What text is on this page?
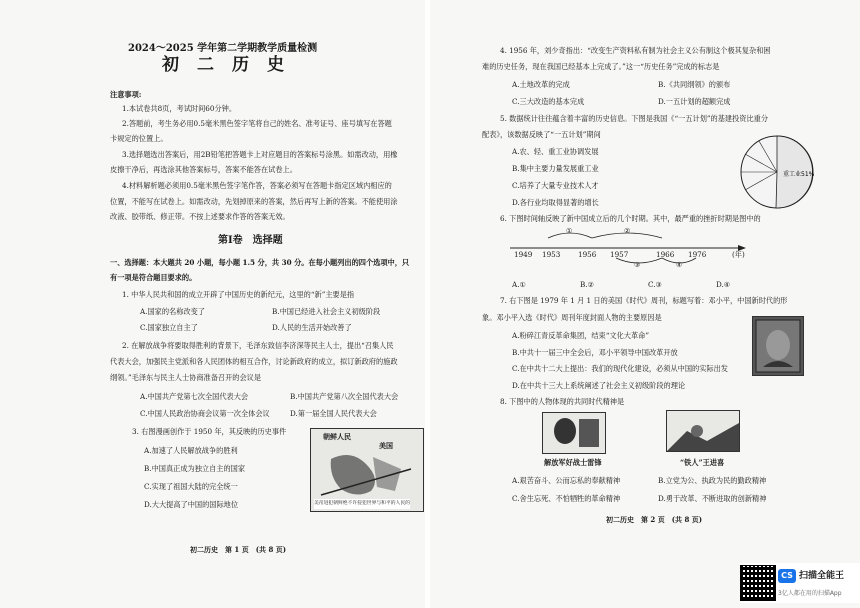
2024～2025 学年第二学期教学质量检测
初二历史
注意事项:
1.本试卷共8页，考试时间60分钟。
2.答题前，考生务必用0.5毫米黑色签字笔将自己的姓名、准考证号、座号填写在答题
卡规定的位置上。
3.选择题选出答案后，用2B铅笔把答题卡上对应题目的答案标号涂黑。如需改动，用橡
皮擦干净后，再选涂其他答案标号，答案不能答在试卷上。
4.材料解析题必须用0.5毫米黑色签字笔作答，答案必须写在答题卡指定区域内相应的
位置，不能写在试卷上。如需改动，先划掉原来的答案，然后再写上新的答案。不能使用涂
改液、胶带纸、修正带。不按上述要求作答的答案无效。
第Ⅰ卷　选择题
一、选择题：本大题共 20 小题，每小题 1.5 分，共 30 分。在每小题列出的四个选项中，只
有一项是符合题目要求的。
1. 中华人民共和国的成立开辟了中国历史的新纪元，这里的“新”主要是指
A.国家的名称改变了	B.中国已经进入社会主义初级阶段
C.国家独立自主了	D.人民的生活开始改善了
2. 在解放战争将要取得胜利的背景下，毛泽东致信李济深等民主人士，提出“召集人民
代表大会，加强民主党派和各人民团体的相互合作，讨论新政府的成立，拟订新政府的施政
纲领。”毛泽东与民主人士协商准备召开的会议是
A.中国共产党第七次全国代表大会	B.中国共产党第八次全国代表大会
C.中国人民政治协商会议第一次全体会议	D.第一届全国人民代表大会
3. 右图漫画创作于 1950 年，其反映的历史事件
A.加速了人民解放战争的胜利
B.中国真正成为独立自主的国家
C.实现了祖国大陆的完全统一
D.大大提高了中国的国际地位
朝鲜人民
美国
美帝进犯朝鲜绝不许侵犯世界与和平的人民的
初二历史　第 1 页　(共 8 页)
4. 1956 年，刘少奇指出：“改变生产资料私有制为社会主义公有制这个极其复杂和困
难的历史任务，现在我国已经基本上完成了。”这一“历史任务”完成的标志是
A.土地改革的完成	B.《共同纲领》的颁布
C.三大改造的基本完成	D.一五计划的超额完成
5. 数据统计往往蕴含着丰富的历史信息。下图是我国《“一五计划”的基建投资比重分
配表》，该数据反映了“一五计划”期间
A.农、轻、重工业协调发展
B.集中主要力量发展重工业
C.培养了大量专业技术人才
D.各行业均取得显著的增长
重工业51%
6. 下图时间轴反映了新中国成立后的几个时期。其中，最严重的挫折时期是图中的
①	②
③	④
1949 1953 1956 1957	1966 1976	(年)
A.①	B.②	C.③	D.④
7. 右下图是 1979 年 1 月 1 日的美国《时代》周刊，标题写着：邓小平，中国新时代的形
象。邓小平入选《时代》周刊年度封面人物的主要原因是
A.粉碎江青反革命集团，结束“文化大革命”
B.中共十一届三中全会后，邓小平领导中国改革开放
C.在中共十二大上提出：我们的现代化建设，必须从中国的实际出发
D.在中共十三大上系统阐述了社会主义初级阶段的理论
8. 下图中的人物体现的共同时代精神是
解放军好战士雷锋	“铁人”王进喜
A.艰苦奋斗、公而忘私的奉献精神	B.立党为公、执政为民的勤政精神
C.舍生忘死、不怕牺牲的革命精神	D.勇于改革、不断进取的创新精神
初二历史　第 2 页　(共 8 页)
CS 扫描全能王
3亿人都在用的扫描App
